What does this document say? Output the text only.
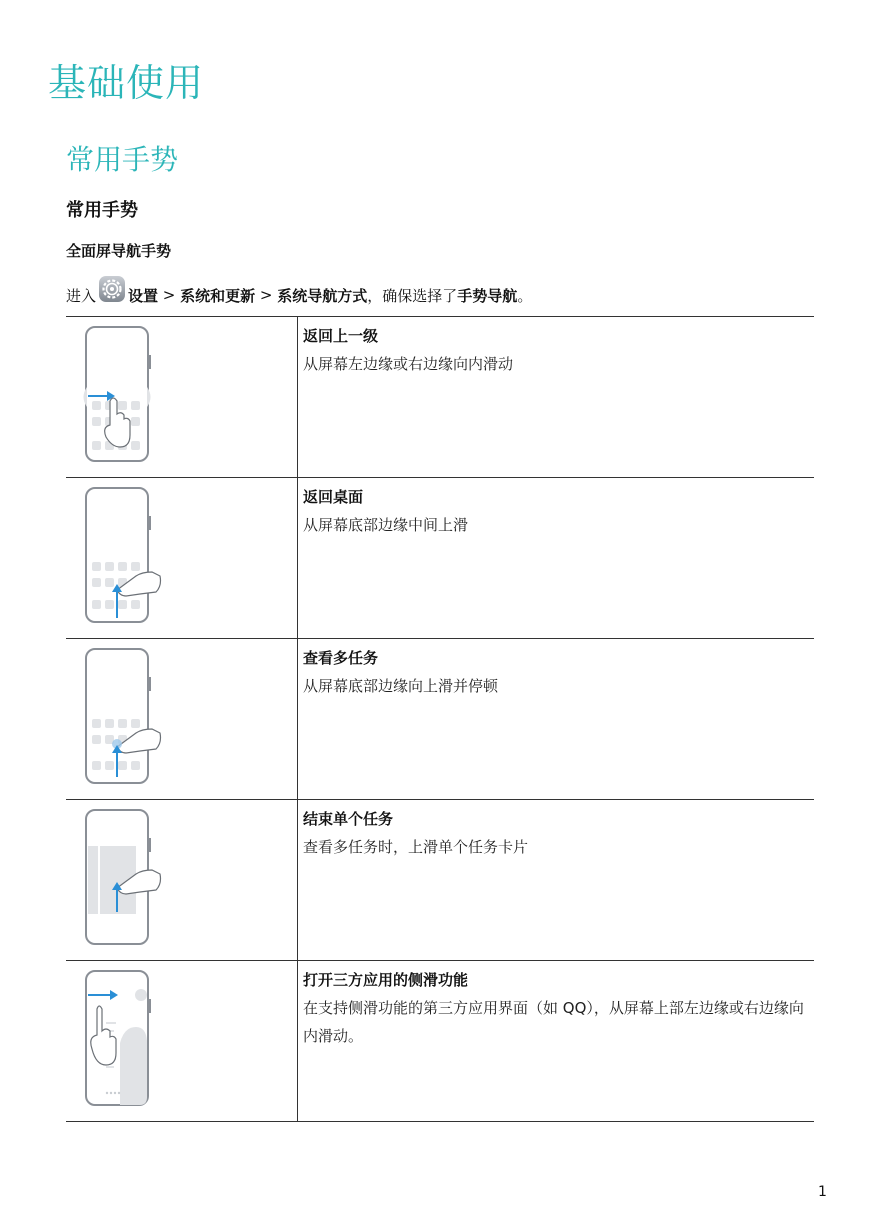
基础使用
常用手势
常用手势
全面屏导航手势
进入 设置 > 系统和更新 > 系统导航方式 ，确保选择了 手势导航 。

返回上一级
从屏幕左边缘或右边缘向内滑动

返回桌面
从屏幕底部边缘中间上滑

查看多任务
从屏幕底部边缘向上滑并停顿

结束单个任务
查看多任务时，上滑单个任务卡片

打开三方应用的侧滑功能
在支持侧滑功能的第三方应用界面（如 QQ），从屏幕上部左边缘或右边缘向内滑动。
1
